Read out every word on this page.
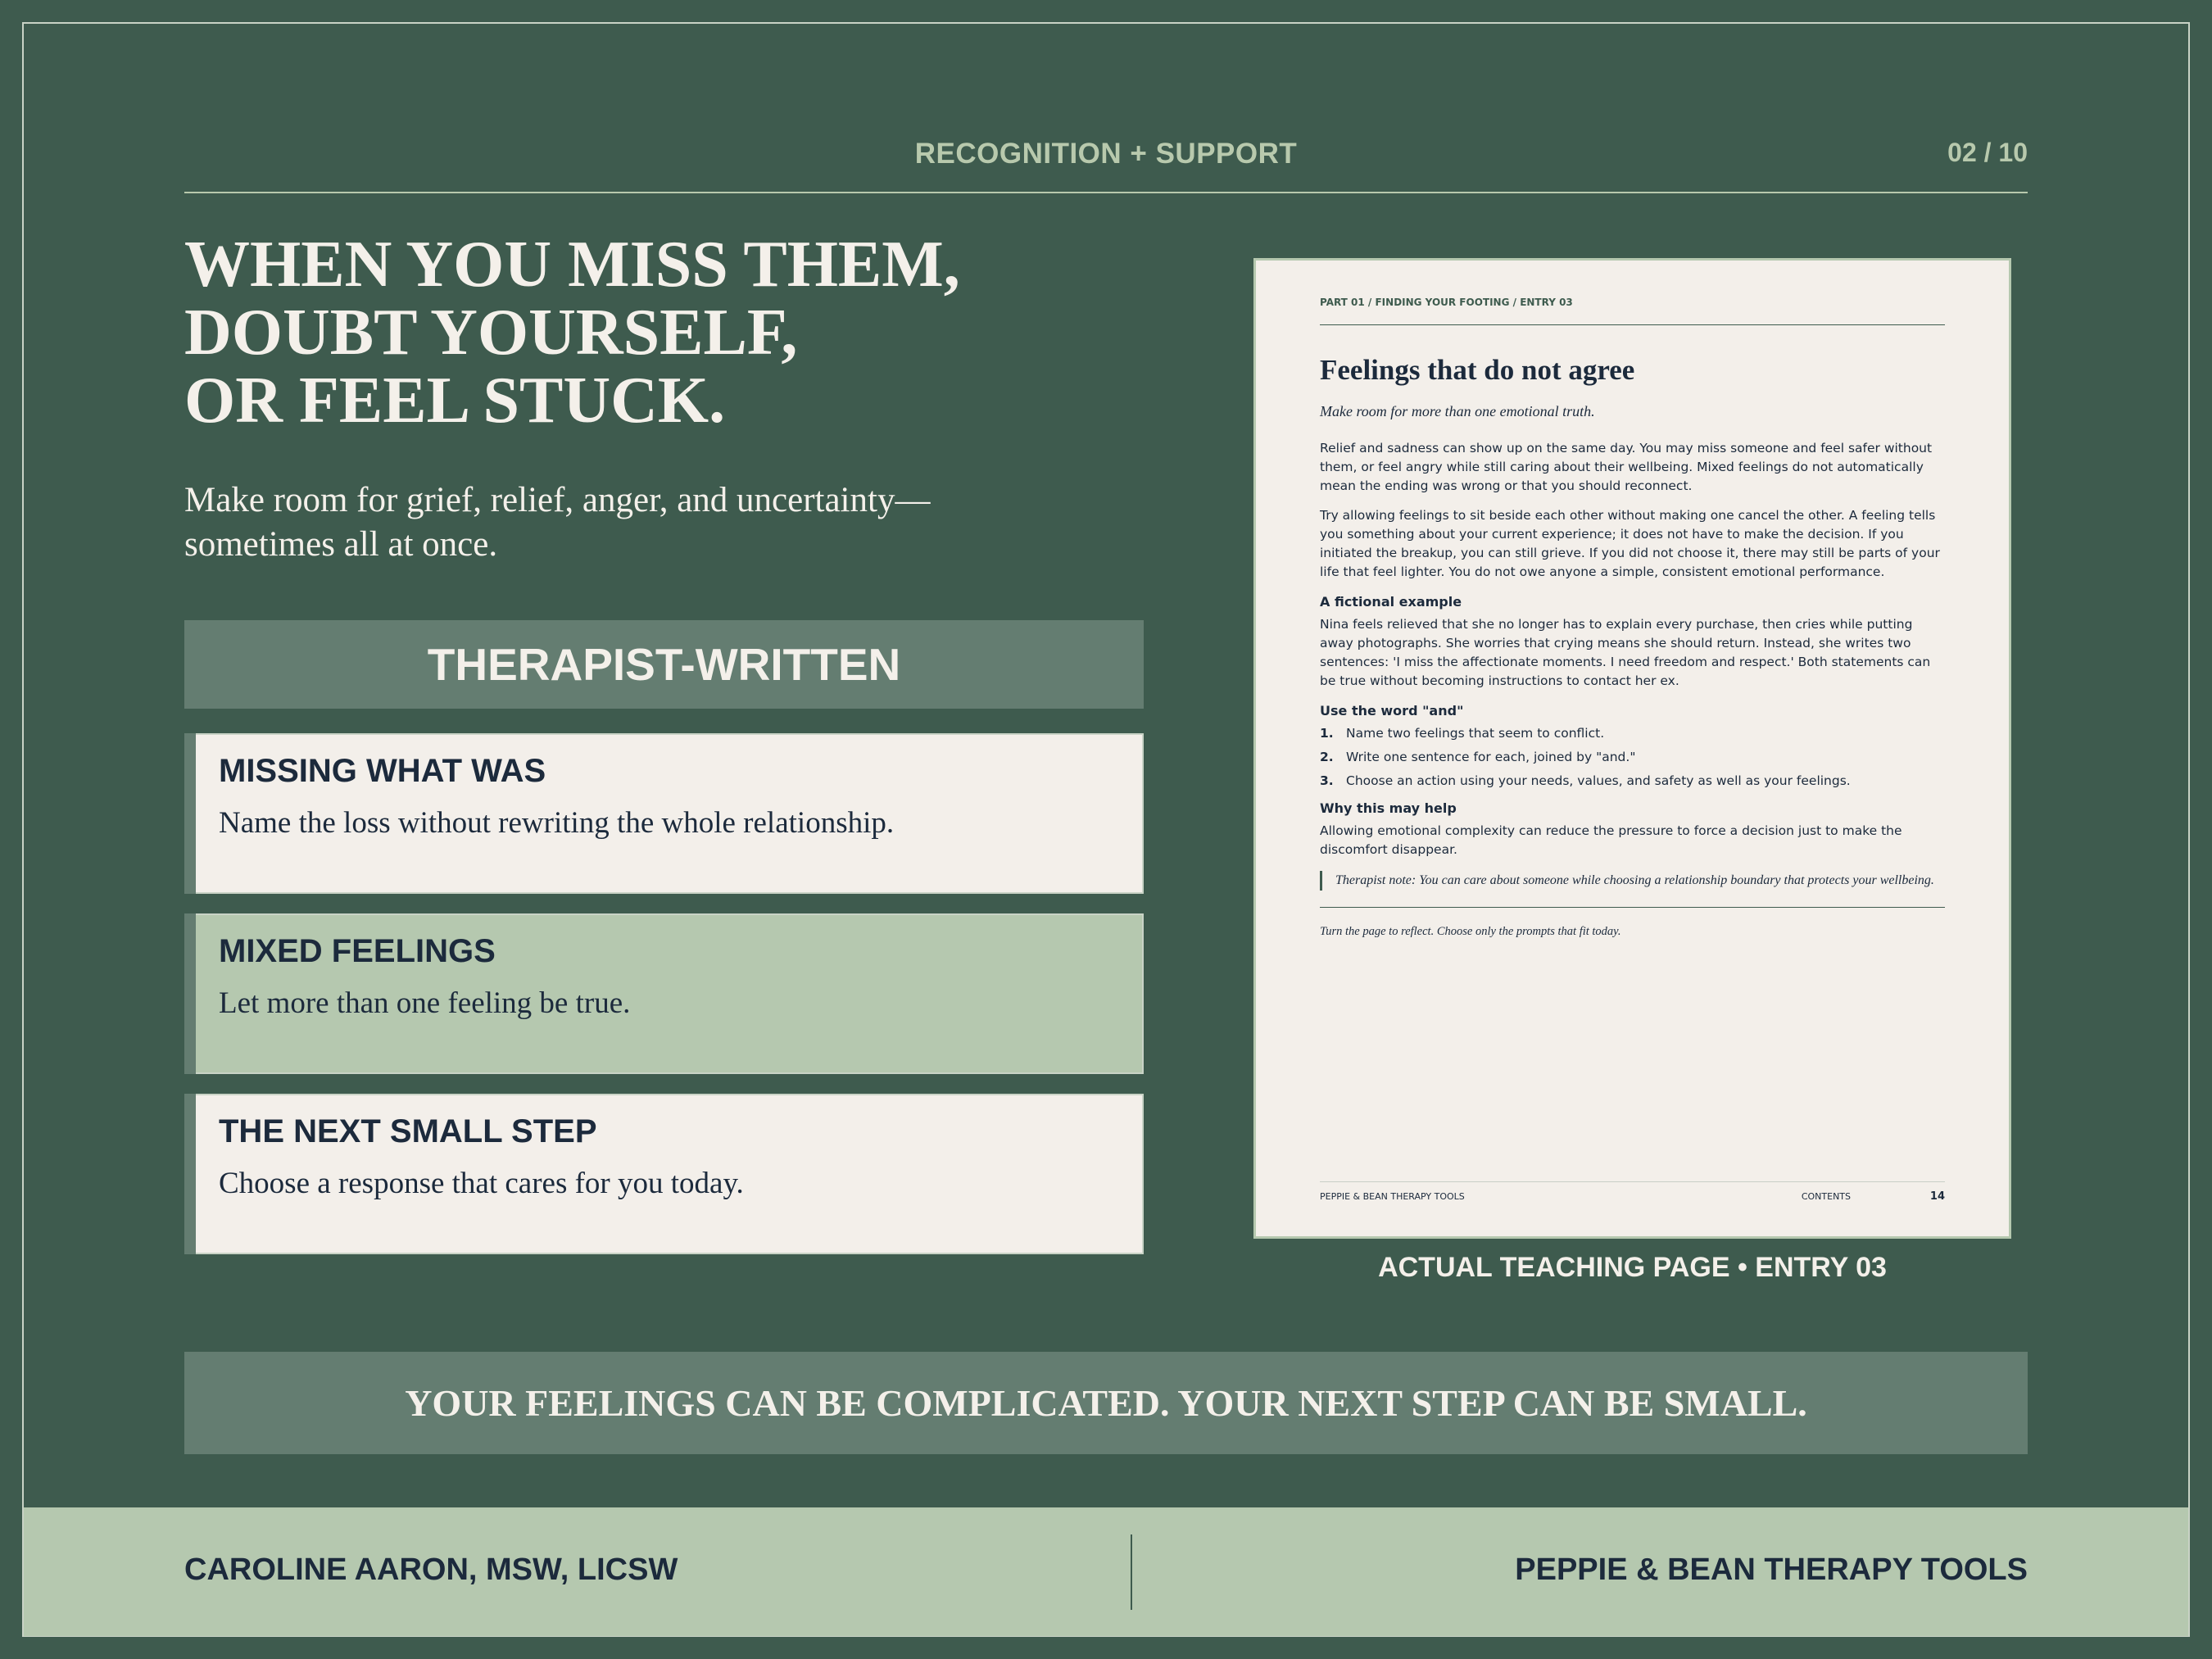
RECOGNITION + SUPPORT	02 / 10
WHEN YOU MISS THEM,
DOUBT YOURSELF,
OR FEEL STUCK.

Make room for grief, relief, anger, and uncertainty—sometimes all at once.

THERAPIST-WRITTEN
MISSING WHAT WAS

Name the loss without rewriting the whole relationship.

MIXED FEELINGS

Let more than one feeling be true.

THE NEXT SMALL STEP

Choose a response that cares for you today.

PART 01 / FINDING YOUR FOOTING / ENTRY 03
Feelings that do not agree
Make room for more than one emotional truth.

Relief and sadness can show up on the same day. You may miss someone and feel safer without them, or feel angry while still caring about their wellbeing. Mixed feelings do not automatically mean the ending was wrong or that you should reconnect.

Try allowing feelings to sit beside each other without making one cancel the other. A feeling tells you something about your current experience; it does not have to make the decision. If you initiated the breakup, you can still grieve. If you did not choose it, there may still be parts of your life that feel lighter. You do not owe anyone a simple, consistent emotional performance.

A fictional example

Nina feels relieved that she no longer has to explain every purchase, then cries while putting away photographs. She worries that crying means she should return. Instead, she writes two sentences: 'I miss the affectionate moments. I need freedom and respect.' Both statements can be true without becoming instructions to contact her ex.

Use the word "and"
1. Name two feelings that seem to conflict.
2. Write one sentence for each, joined by "and."
3. Choose an action using your needs, values, and safety as well as your feelings.
Why this may help

Allowing emotional complexity can reduce the pressure to force a decision just to make the discomfort disappear.

Therapist note: You can care about someone while choosing a relationship boundary that protects your wellbeing.
Turn the page to reflect. Choose only the prompts that fit today.
PEPPIE & BEAN THERAPY TOOLS	CONTENTS	14
ACTUAL TEACHING PAGE • ENTRY 03
YOUR FEELINGS CAN BE COMPLICATED. YOUR NEXT STEP CAN BE SMALL.
CAROLINE AARON, MSW, LICSW	PEPPIE & BEAN THERAPY TOOLS
